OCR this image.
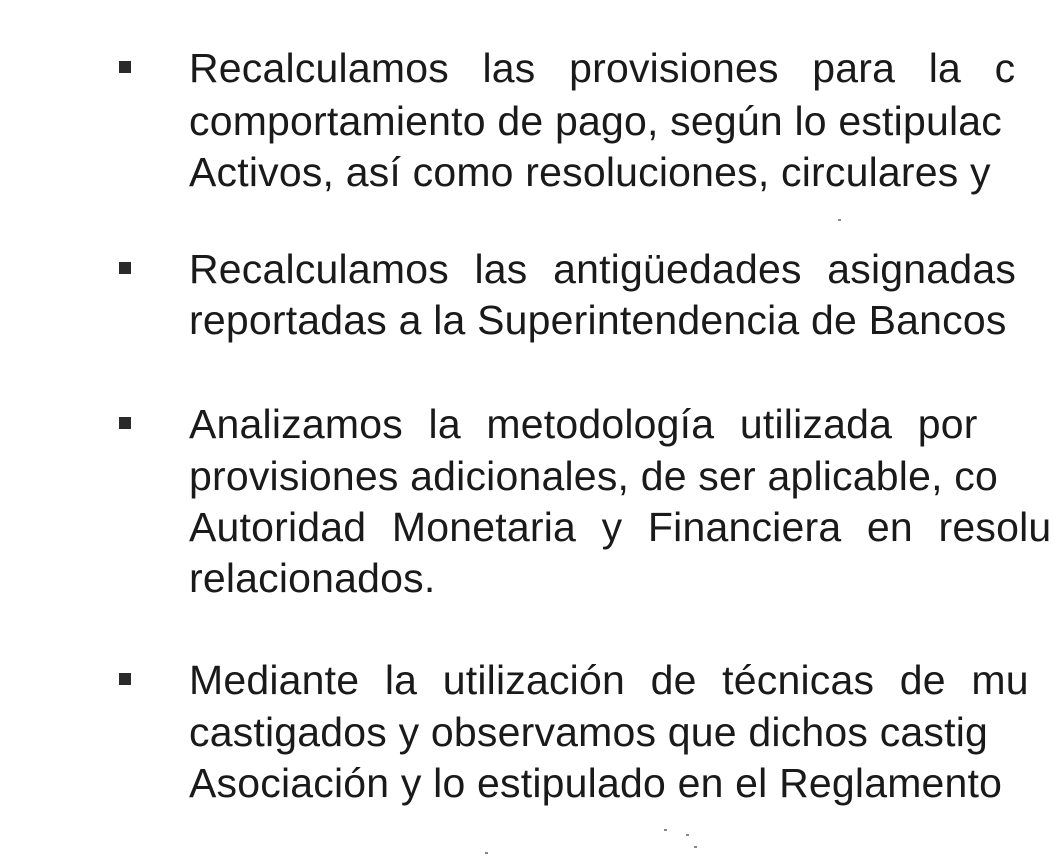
Recalculamos las provisiones para la c
comportamiento de pago, según lo estipulac
Activos, así como resoluciones, circulares y
Recalculamos las antigüedades asignadas
reportadas a la Superintendencia de Bancos
Analizamos la metodología utilizada por
provisiones adicionales, de ser aplicable, co
Autoridad Monetaria y Financiera en resolu
relacionados.
Mediante la utilización de técnicas de mu
castigados y observamos que dichos castig
Asociación y lo estipulado en el Reglamento
